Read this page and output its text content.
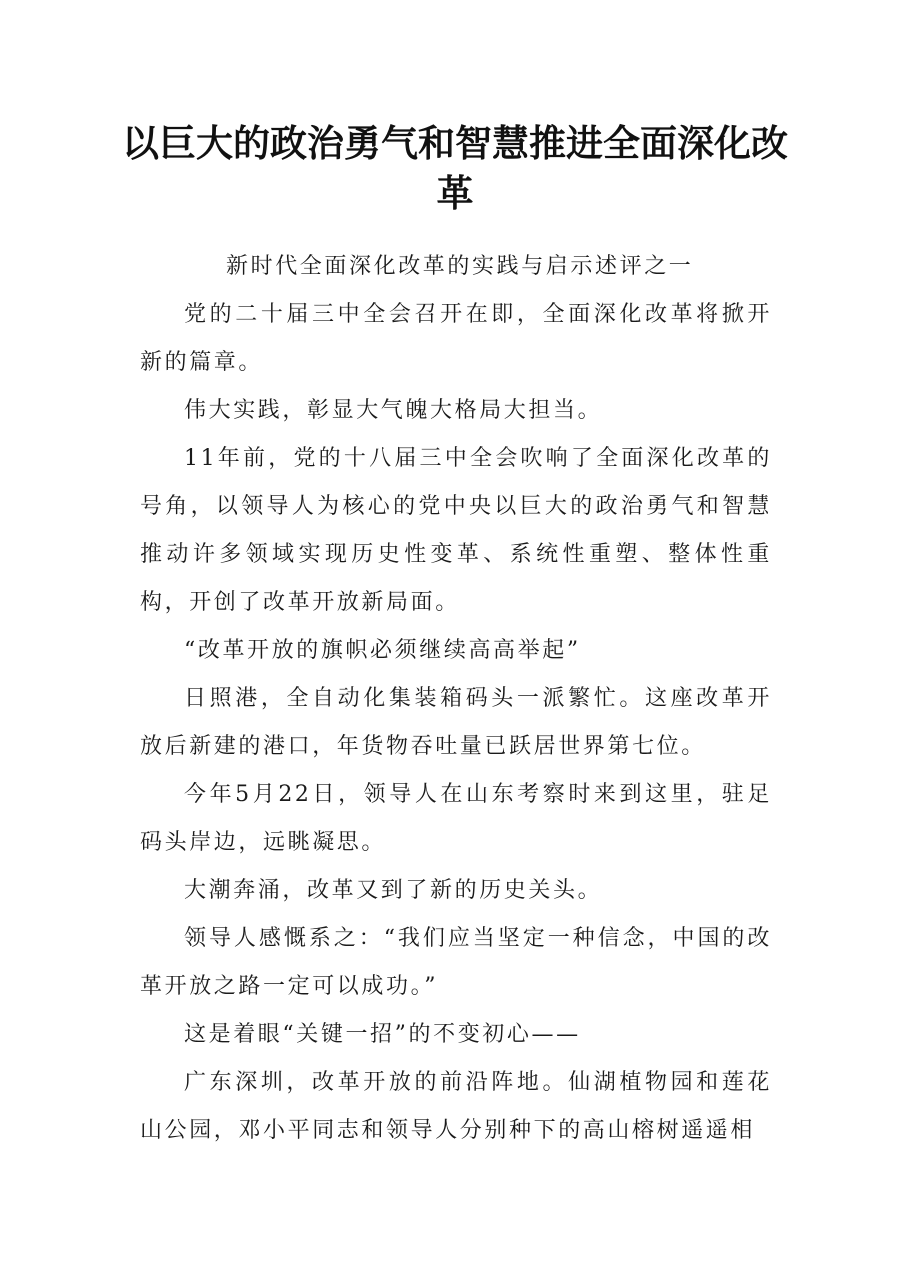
以巨大的政治勇气和智慧推进全面深化改革

新时代全面深化改革的实践与启示述评之一

党的二十届三中全会召开在即，全面深化改革将掀开新的篇章。

伟大实践，彰显大气魄大格局大担当。

11年前，党的十八届三中全会吹响了全面深化改革的号角，以领导人为核心的党中央以巨大的政治勇气和智慧推动许多领域实现历史性变革、系统性重塑、整体性重构，开创了改革开放新局面。

“改革开放的旗帜必须继续高高举起”

日照港，全自动化集装箱码头一派繁忙。这座改革开放后新建的港口，年货物吞吐量已跃居世界第七位。

今年5月22日，领导人在山东考察时来到这里，驻足码头岸边，远眺凝思。

大潮奔涌，改革又到了新的历史关头。

领导人感慨系之：“我们应当坚定一种信念，中国的改革开放之路一定可以成功。”

这是着眼“关键一招”的不变初心——

广东深圳，改革开放的前沿阵地。仙湖植物园和莲花山公园，邓小平同志和领导人分别种下的高山榕树遥遥相
